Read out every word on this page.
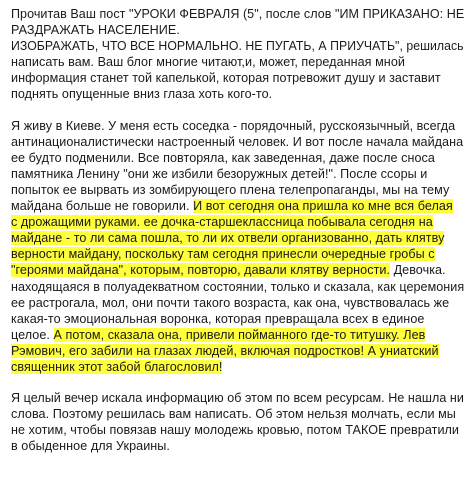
Прочитав Ваш пост "УРОКИ ФЕВРАЛЯ (5", после слов "ИМ ПРИКАЗАНО: НЕ
РАЗДРАЖАТЬ НАСЕЛЕНИЕ.
ИЗОБРАЖАТЬ, ЧТО ВСЕ НОРМАЛЬНО. НЕ ПУГАТЬ, А ПРИУЧАТЬ", решилась
написать вам. Ваш блог многие читают,и, может, переданная мной
информация станет той капелькой, которая потревожит душу и заставит
поднять опущенные вниз глаза хоть кого-то.
Я живу в Киеве. У меня есть соседка - порядочный, русскоязычный, всегда
антинационалистически настроенный человек. И вот после начала майдана
ее будто подменили. Все повторяла, как заведенная, даже после сноса
памятника Ленину "они же избили безоружных детей!". После ссоры и
попыток ее вырвать из зомбирующего плена телепропаганды, мы на тему
майдана больше не говорили. И вот сегодня она пришла ко мне вся белая
с дрожащими руками. ее дочка-старшеклассница побывала сегодня на
майдане - то ли сама пошла, то ли их отвели организованно, дать клятву
верности майдану, поскольку там сегодня принесли очередные гробы с
"героями майдана", которым, повторю, давали клятву верности. Девочка.
находящаяся в полуадекватном состоянии, только и сказала, как церемония
ее растрогала, мол, они почти такого возраста, как она, чувствовалась же
какая-то эмоциональная воронка, которая превращала всех в единое
целое. А потом, сказала она, привели пойманного где-то титушку. Лев
Рэмович, его забили на глазах людей, включая подростков! А униатский
священник этот забой благословил!
Я целый вечер искала информацию об этом по всем ресурсам. Не нашла ни
слова. Поэтому решилась вам написать. Об этом нельзя молчать, если мы
не хотим, чтобы повязав нашу молодежь кровью, потом ТАКОЕ превратили
в обыденное для Украины.
